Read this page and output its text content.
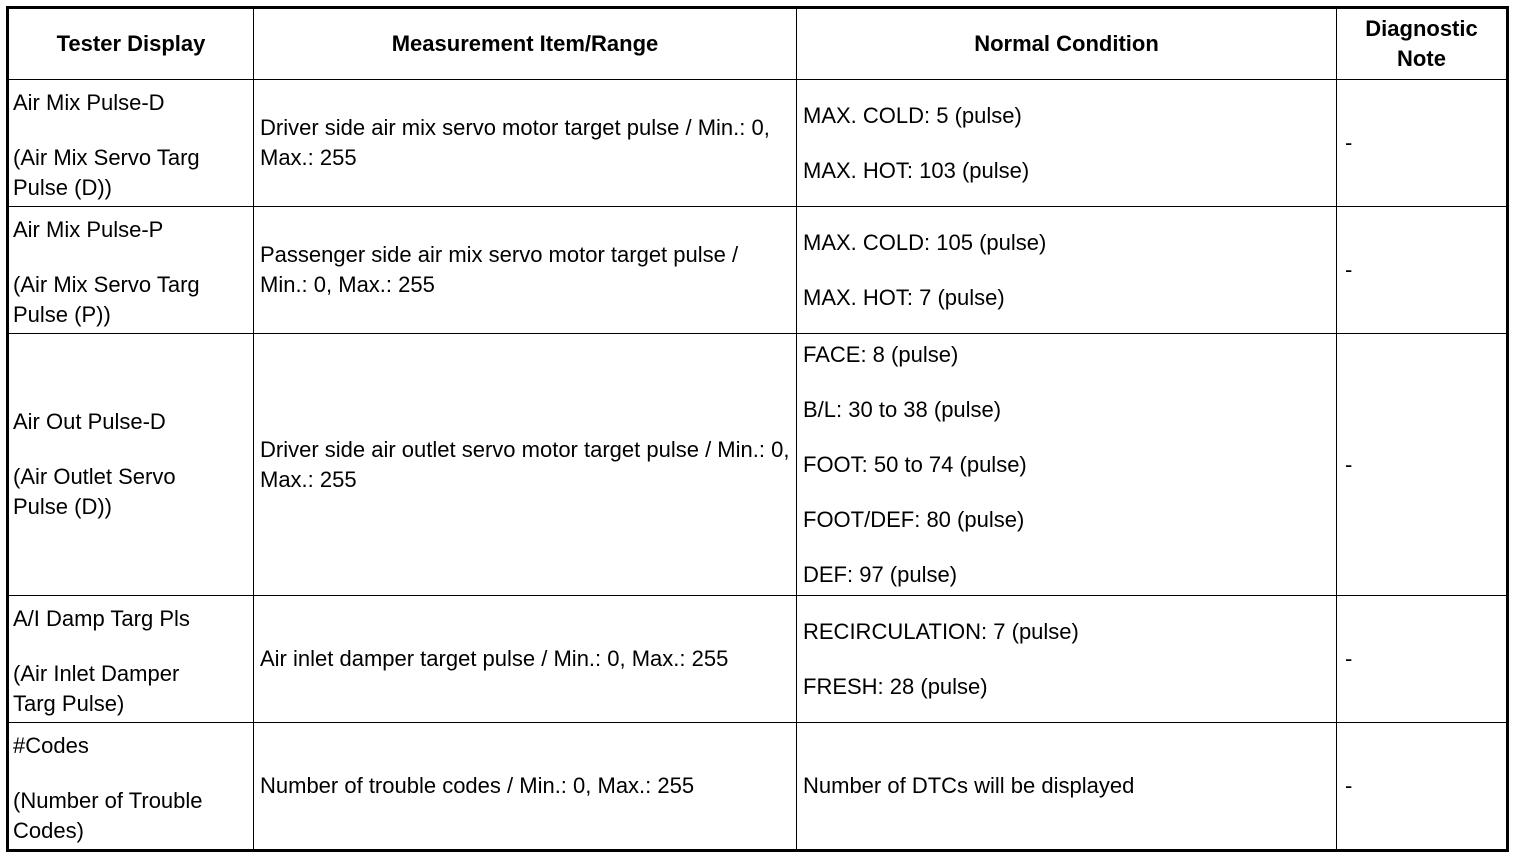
Tester Display	Measurement Item/Range	Normal Condition	Diagnostic Note

Air Mix Pulse-D
(Air Mix Servo Targ
Pulse (D))	Driver side air mix servo motor target pulse / Min.: 0, Max.: 255	MAX. COLD: 5 (pulse)
MAX. HOT: 103 (pulse)	-

Air Mix Pulse-P
(Air Mix Servo Targ
Pulse (P))	Passenger side air mix servo motor target pulse / Min.: 0, Max.: 255	MAX. COLD: 105 (pulse)
MAX. HOT: 7 (pulse)	-

Air Out Pulse-D
(Air Outlet Servo
Pulse (D))	Driver side air outlet servo motor target pulse / Min.: 0, Max.: 255	FACE: 8 (pulse)
B/L: 30 to 38 (pulse)
FOOT: 50 to 74 (pulse)
FOOT/DEF: 80 (pulse)
DEF: 97 (pulse)	-

A/I Damp Targ Pls
(Air Inlet Damper
Targ Pulse)	Air inlet damper target pulse / Min.: 0, Max.: 255	RECIRCULATION: 7 (pulse)
FRESH: 28 (pulse)	-

#Codes
(Number of Trouble
Codes)	Number of trouble codes / Min.: 0, Max.: 255	Number of DTCs will be displayed	-
